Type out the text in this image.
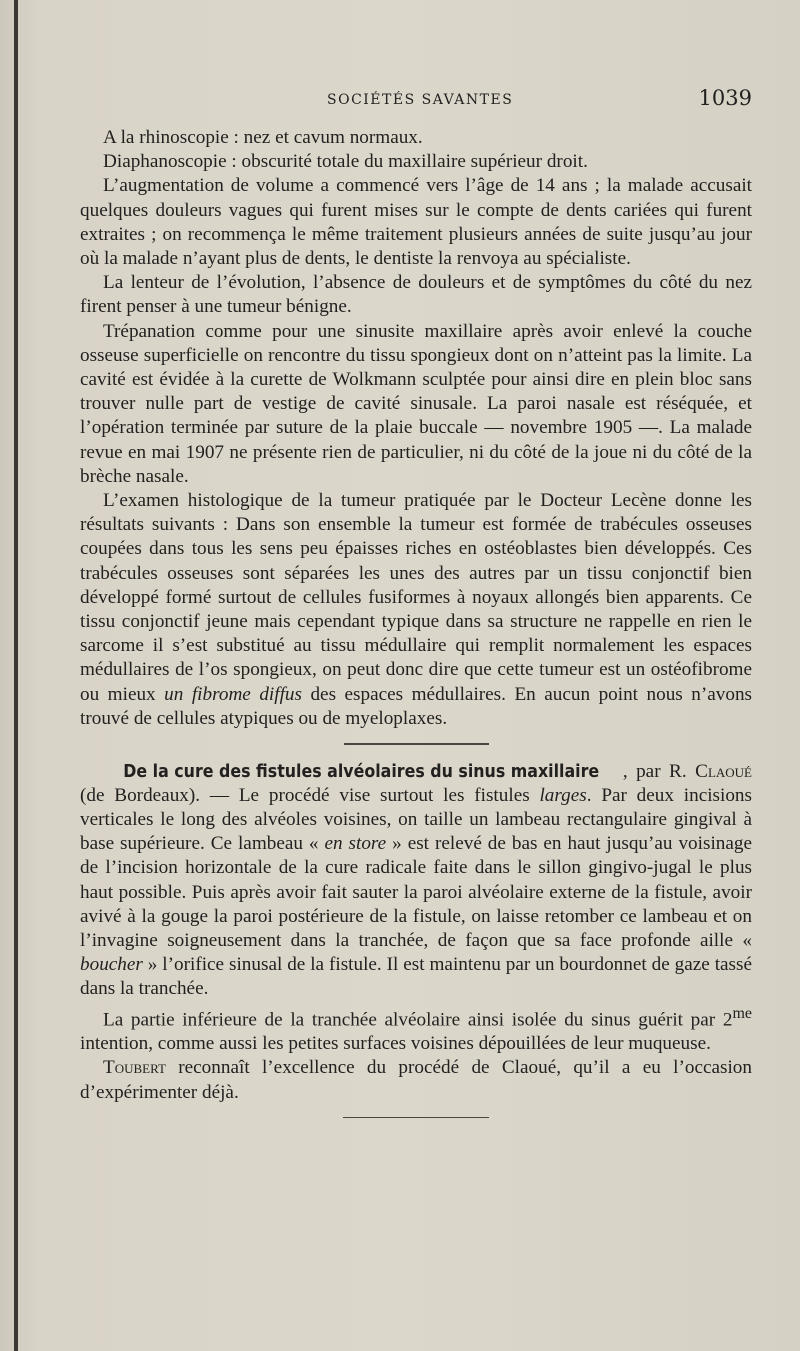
SOCIÉTÉS SAVANTES	1039

A la rhinoscopie : nez et cavum normaux.

Diaphanoscopie : obscurité totale du maxillaire supérieur droit.

L’augmentation de volume a commencé vers l’âge de 14 ans ; la malade accusait quelques douleurs vagues qui furent mises sur le compte de dents cariées qui furent extraites ; on recommença le même traitement plusieurs années de suite jusqu’au jour où la malade n’ayant plus de dents, le dentiste la renvoya au spécialiste.

La lenteur de l’évolution, l’absence de douleurs et de symptômes du côté du nez firent penser à une tumeur bénigne.

Trépanation comme pour une sinusite maxillaire après avoir enlevé la couche osseuse superficielle on rencontre du tissu spongieux dont on n’atteint pas la limite. La cavité est évidée à la curette de Wolkmann sculptée pour ainsi dire en plein bloc sans trouver nulle part de vestige de cavité sinusale. La paroi nasale est réséquée, et l’opération terminée par suture de la plaie buccale — novembre 1905 —. La malade revue en mai 1907 ne présente rien de particulier, ni du côté de la joue ni du côté de la brèche nasale.

L’examen histologique de la tumeur pratiquée par le Docteur Lecène donne les résultats suivants : Dans son ensemble la tumeur est formée de trabécules osseuses coupées dans tous les sens peu épaisses riches en ostéoblastes bien développés. Ces trabécules osseuses sont séparées les unes des autres par un tissu conjonctif bien développé formé surtout de cellules fusiformes à noyaux allongés bien apparents. Ce tissu conjonctif jeune mais cependant typique dans sa structure ne rappelle en rien le sarcome il s’est substitué au tissu médullaire qui remplit normalement les espaces médullaires de l’os spongieux, on peut donc dire que cette tumeur est un ostéofibrome ou mieux un fibrome diffus des espaces médullaires. En aucun point nous n’avons trouvé de cellules atypiques ou de myeloplaxes.

De la cure des fistules alvéolaires du sinus maxillaire , par R. Claoué (de Bordeaux). — Le procédé vise surtout les fistules larges. Par deux incisions verticales le long des alvéoles voisines, on taille un lambeau rectangulaire gingival à base supérieure. Ce lambeau « en store » est relevé de bas en haut jusqu’au voisinage de l’incision horizontale de la cure radicale faite dans le sillon gingivo-jugal le plus haut possible. Puis après avoir fait sauter la paroi alvéolaire externe de la fistule, avoir avivé à la gouge la paroi postérieure de la fistule, on laisse retomber ce lambeau et on l’invagine soigneusement dans la tranchée, de façon que sa face profonde aille « boucher » l’orifice sinusal de la fistule. Il est maintenu par un bourdonnet de gaze tassé dans la tranchée.

La partie inférieure de la tranchée alvéolaire ainsi isolée du sinus guérit par $2^{me}$ intention, comme aussi les petites surfaces voisines dépouillées de leur muqueuse.

Toubert reconnaît l’excellence du procédé de Claoué, qu’il a eu l’occasion d’expérimenter déjà.
